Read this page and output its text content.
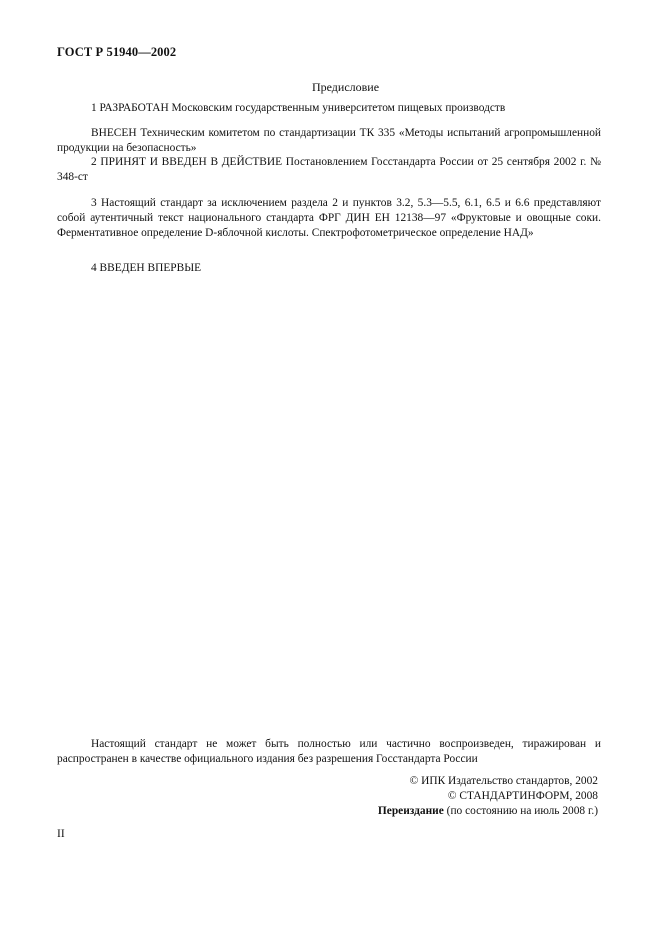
ГОСТ Р 51940—2002
Предисловие

1 РАЗРАБОТАН Московским государственным университетом пищевых производств

ВНЕСЕН Техническим комитетом по стандартизации ТК 335 «Методы испытаний агропромышленной продукции на безопасность»

2 ПРИНЯТ И ВВЕДЕН В ДЕЙСТВИЕ Постановлением Госстандарта России от 25 сентября 2002 г. № 348-ст

3 Настоящий стандарт за исключением раздела 2 и пунктов 3.2, 5.3—5.5, 6.1, 6.5 и 6.6 представляют собой аутентичный текст национального стандарта ФРГ ДИН ЕН 12138—97 «Фруктовые и овощные соки. Ферментативное определение D-яблочной кислоты. Спектрофотометрическое определение НАД»

4 ВВЕДЕН ВПЕРВЫЕ

Настоящий стандарт не может быть полностью или частично воспроизведен, тиражирован и распространен в качестве официального издания без разрешения Госстандарта России

© ИПК Издательство стандартов, 2002
© СТАНДАРТИНФОРМ, 2008
Переиздание (по состоянию на июль 2008 г.)
II
